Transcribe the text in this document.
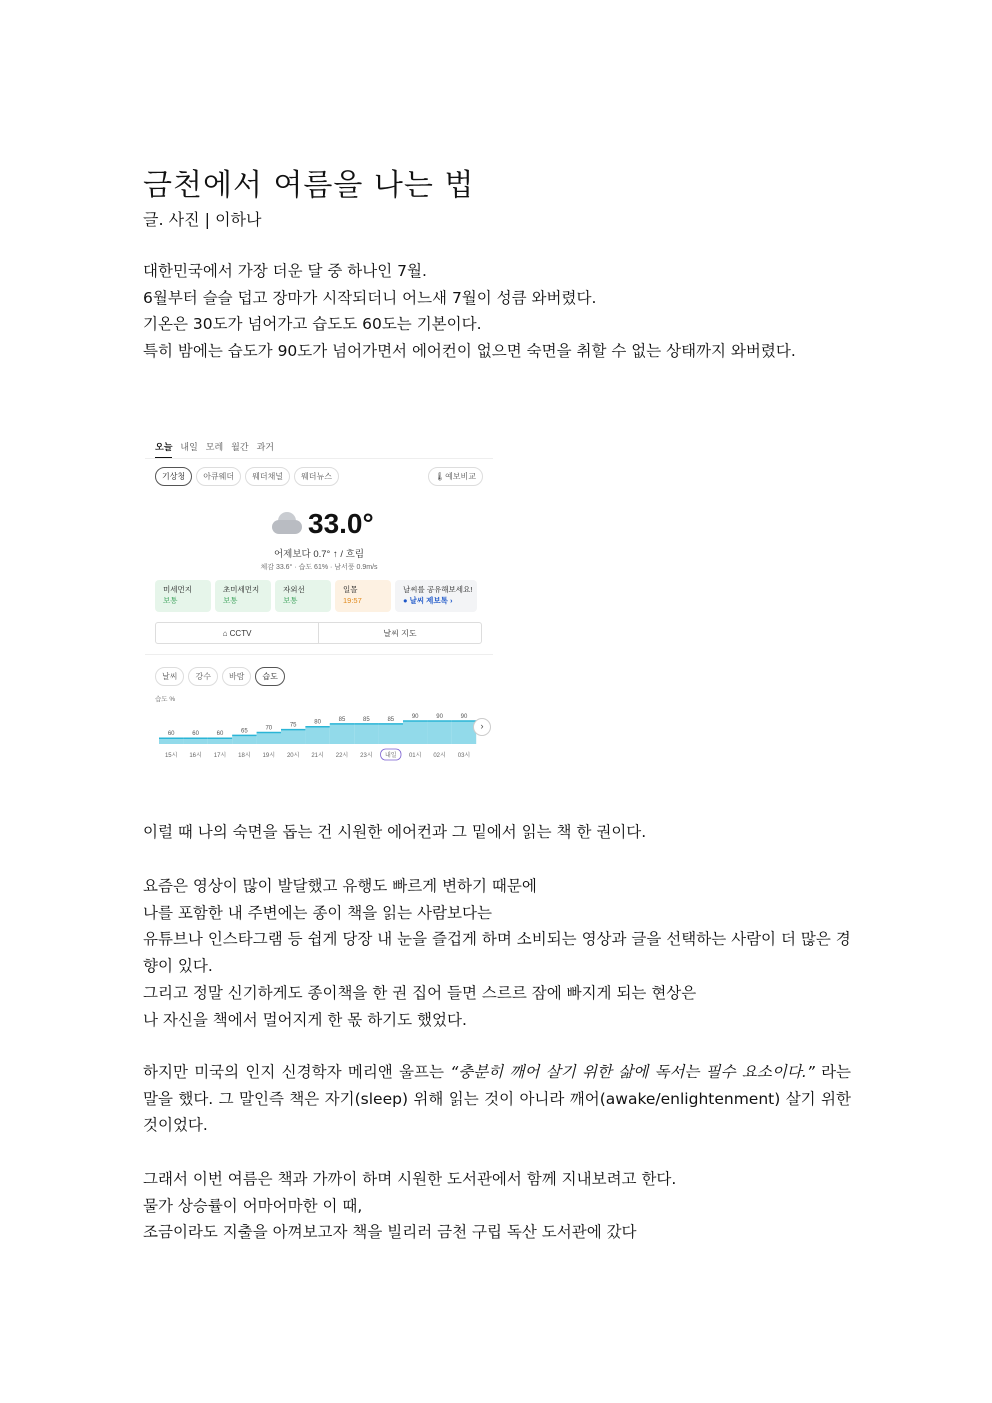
금천에서 여름을 나는 법
글. 사진 | 이하나
대한민국에서 가장 더운 달 중 하나인 7월.
6월부터 슬슬 덥고 장마가 시작되더니 어느새 7월이 성큼 와버렸다.
기온은 30도가 넘어가고 습도도 60도는 기본이다.
특히 밤에는 습도가 90도가 넘어가면서 에어컨이 없으면 숙면을 취할 수 없는 상태까지 와버렸다.
오늘 내일 모레 월간 과거
기상청	아큐웨더	웨더채널	웨더뉴스	🌡예보비교
33.0°
어제보다 0.7° ↑ / 흐림
체감 33.6° · 습도 61% · 남서풍 0.9m/s
미세먼지
보통
초미세먼지
보통
자외선
보통
일몰
19:57
날씨를 공유해보세요!
● 날씨 제보톡 ›
⌂ CCTV	날씨 지도
날씨	강수	바람	습도
습도 %
60
15시
60
16시
60
17시
65
18시
70
19시
75
20시
80
21시
85
22시
85
23시
85
내일
90
01시
90
02시
90
03시
›
이럴 때 나의 숙면을 돕는 건 시원한 에어컨과 그 밑에서 읽는 책 한 권이다.
요즘은 영상이 많이 발달했고 유행도 빠르게 변하기 때문에
나를 포함한 내 주변에는 종이 책을 읽는 사람보다는
유튜브나 인스타그램 등 쉽게 당장 내 눈을 즐겁게 하며 소비되는 영상과 글을 선택하는 사람이 더 많은 경향이 있다.
그리고 정말 신기하게도 종이책을 한 권 집어 들면 스르르 잠에 빠지게 되는 현상은
나 자신을 책에서 멀어지게 한 몫 하기도 했었다.
하지만 미국의 인지 신경학자 메리앤 울프는 “충분히 깨어 살기 위한 삶에 독서는 필수 요소이다.” 라는 말을 했다. 그 말인즉 책은 자기(sleep) 위해 읽는 것이 아니라 깨어(awake/enlightenment) 살기 위한 것이었다.
그래서 이번 여름은 책과 가까이 하며 시원한 도서관에서 함께 지내보려고 한다.
물가 상승률이 어마어마한 이 때,
조금이라도 지출을 아껴보고자 책을 빌리러 금천 구립 독산 도서관에 갔다
